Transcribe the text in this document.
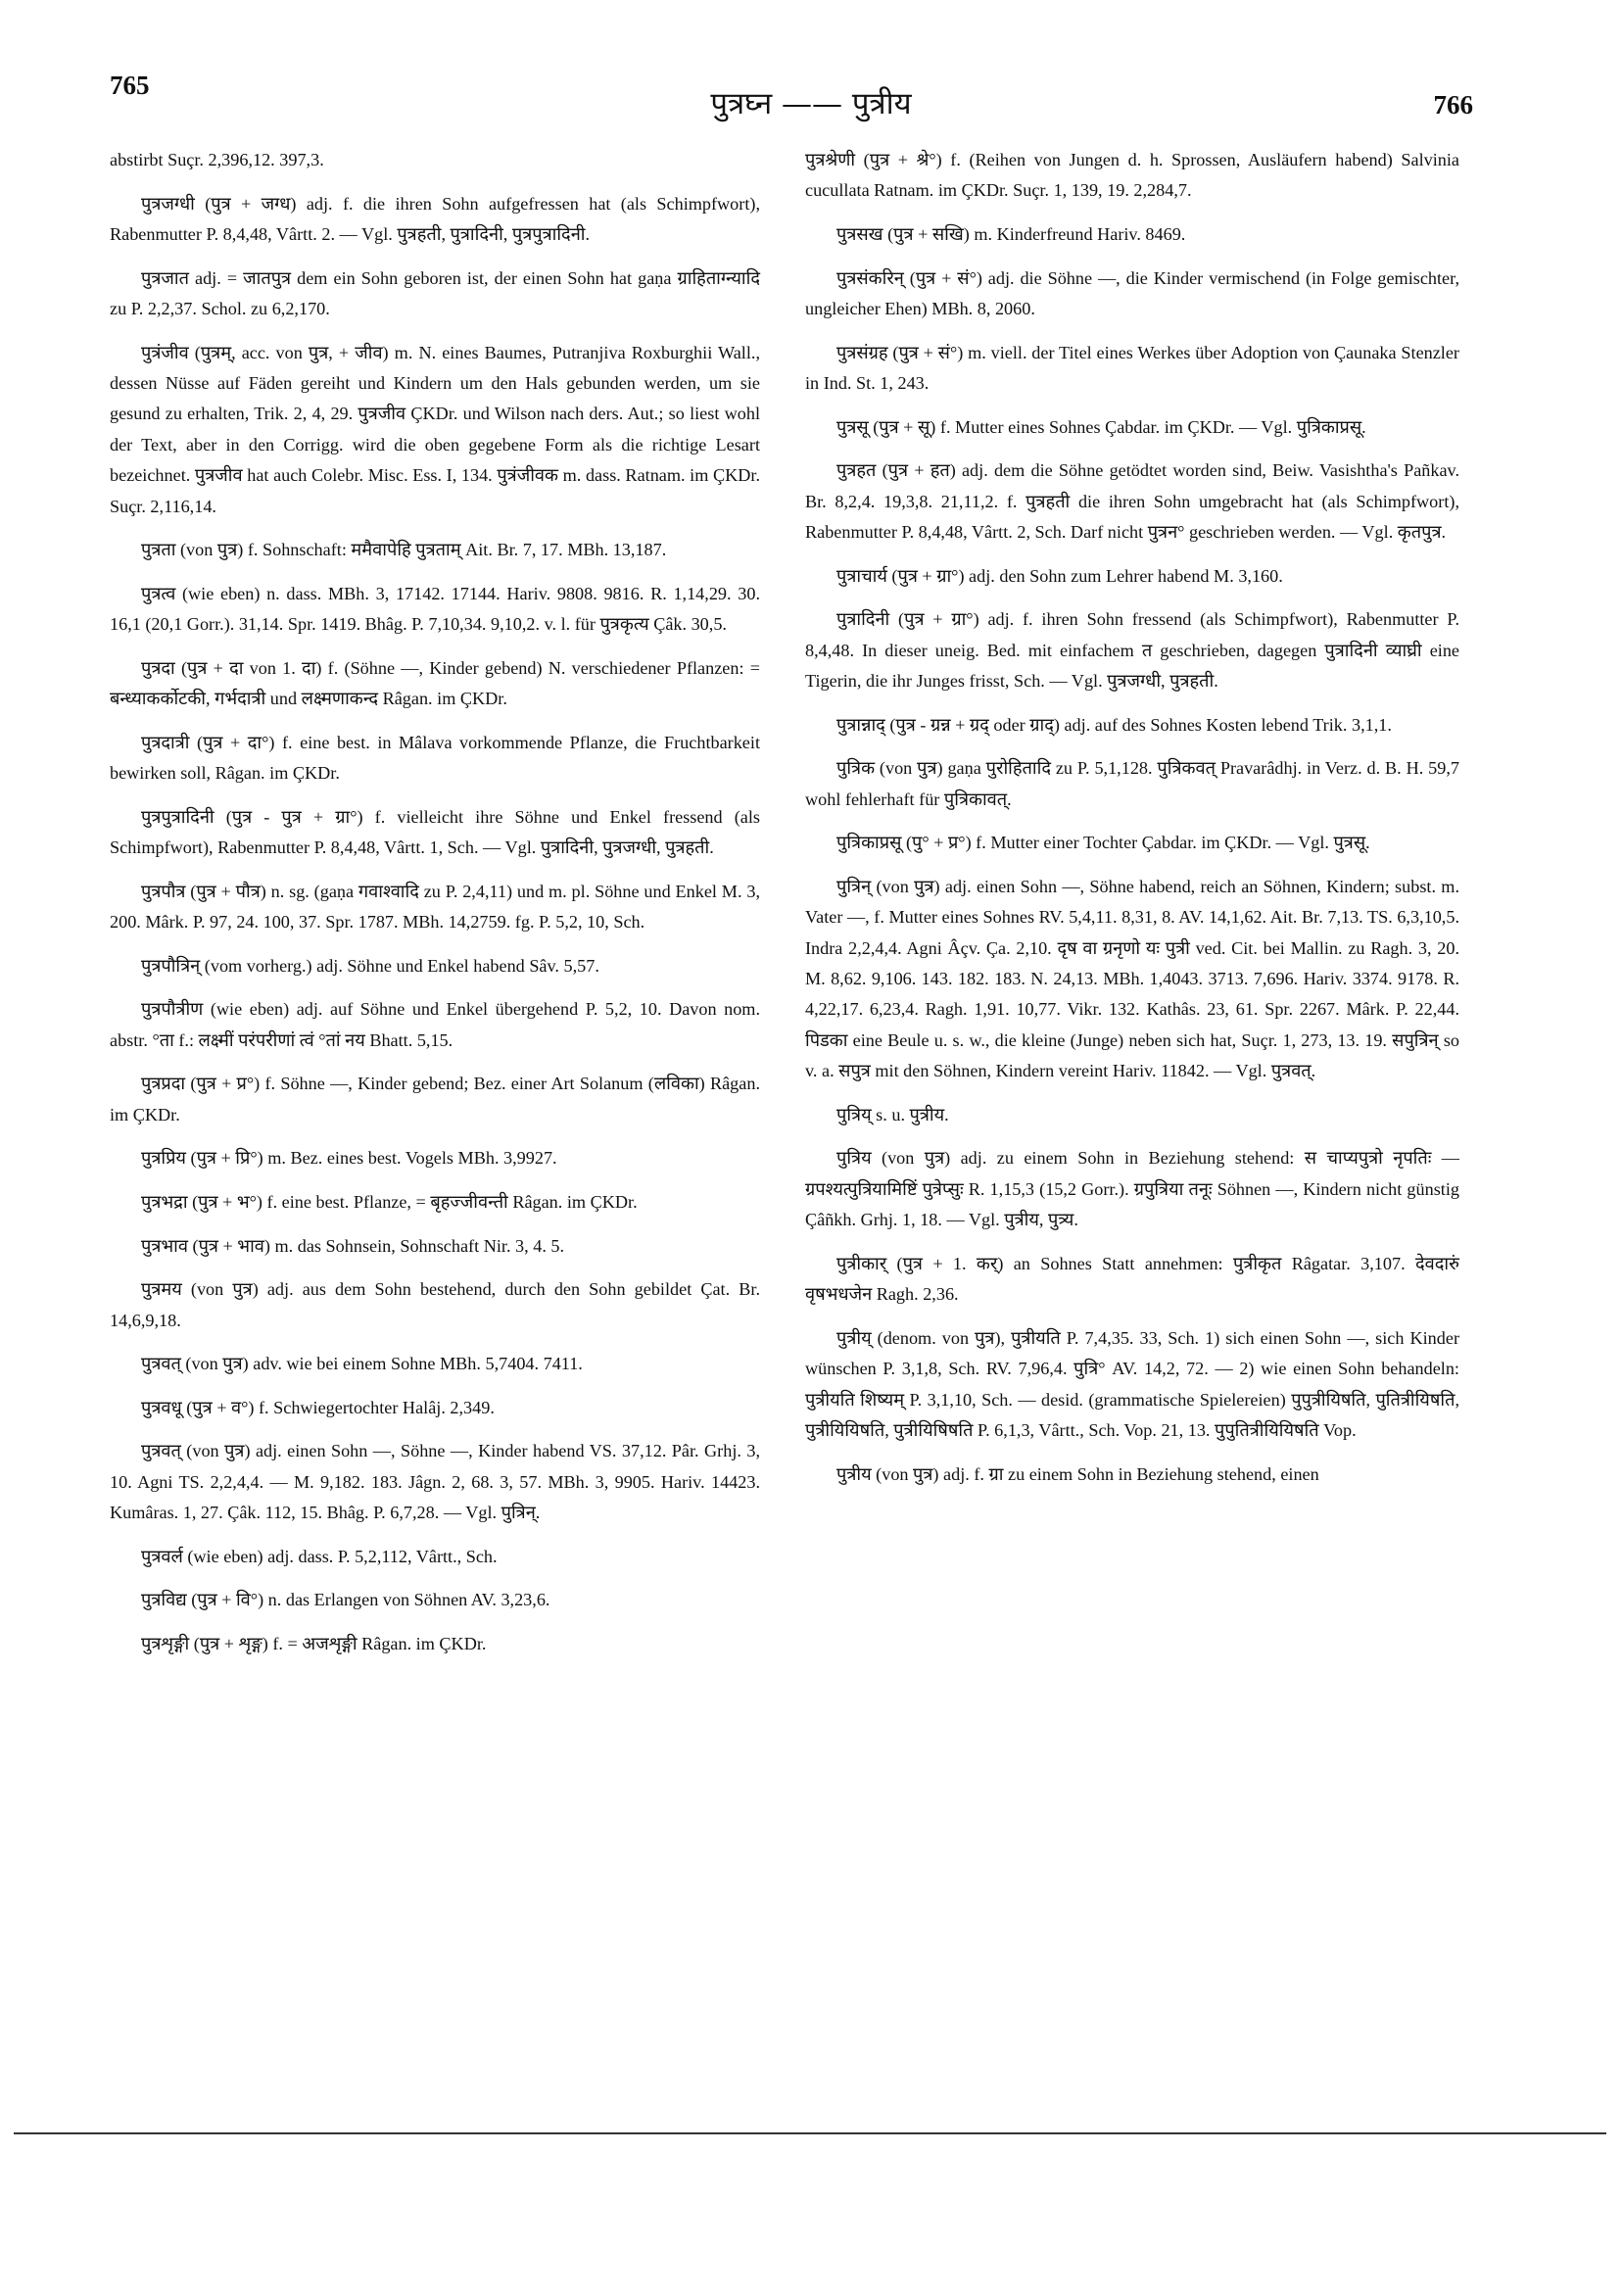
765
पुत्रघ्न —— पुत्रीय	766

abstirbt Suçr. 2,396,12. 397,3.

पुत्रजग्धी (पुत्र + जग्ध) adj. f. die ihren Sohn aufgefressen hat (als Schimpfwort), Rabenmutter P. 8,4,48, Vârtt. 2. — Vgl. पुत्रहती, पुत्रादिनी, पुत्रपुत्रादिनी.

पुत्रजात adj. = जातपुत्र dem ein Sohn geboren ist, der einen Sohn hat gaṇa ग्राहिताग्न्यादि zu P. 2,2,37. Schol. zu 6,2,170.

पुत्रंजीव (पुत्रम्, acc. von पुत्र, + जीव) m. N. eines Baumes, Putranjiva Roxburghii Wall., dessen Nüsse auf Fäden gereiht und Kindern um den Hals gebunden werden, um sie gesund zu erhalten, Trik. 2, 4, 29. पुत्रजीव ÇKDr. und Wilson nach ders. Aut.; so liest wohl der Text, aber in den Corrigg. wird die oben gegebene Form als die richtige Lesart bezeichnet. पुत्रजीव hat auch Colebr. Misc. Ess. I, 134. पुत्रंजीवक m. dass. Ratnam. im ÇKDr. Suçr. 2,116,14.

पुत्रता (von पुत्र) f. Sohnschaft: ममैवापेहि पुत्रताम् Ait. Br. 7, 17. MBh. 13,187.

पुत्रत्व (wie eben) n. dass. MBh. 3, 17142. 17144. Hariv. 9808. 9816. R. 1,14,29. 30. 16,1 (20,1 Gorr.). 31,14. Spr. 1419. Bhâg. P. 7,10,34. 9,10,2. v. l. für पुत्रकृत्य Çâk. 30,5.

पुत्रदा (पुत्र + दा von 1. दा) f. (Söhne —, Kinder gebend) N. verschiedener Pflanzen: = बन्ध्याकर्कोटकी, गर्भदात्री und लक्ष्मणाकन्द Râgan. im ÇKDr.

पुत्रदात्री (पुत्र + दा°) f. eine best. in Mâlava vorkommende Pflanze, die Fruchtbarkeit bewirken soll, Râgan. im ÇKDr.

पुत्रपुत्रादिनी (पुत्र - पुत्र + ग्रा°) f. vielleicht ihre Söhne und Enkel fressend (als Schimpfwort), Rabenmutter P. 8,4,48, Vârtt. 1, Sch. — Vgl. पुत्रादिनी, पुत्रजग्धी, पुत्रहती.

पुत्रपौत्र (पुत्र + पौत्र) n. sg. (gaṇa गवाश्वादि zu P. 2,4,11) und m. pl. Söhne und Enkel M. 3, 200. Mârk. P. 97, 24. 100, 37. Spr. 1787. MBh. 14,2759. fg. P. 5,2, 10, Sch.

पुत्रपौत्रिन् (vom vorherg.) adj. Söhne und Enkel habend Sâv. 5,57.

पुत्रपौत्रीण (wie eben) adj. auf Söhne und Enkel übergehend P. 5,2, 10. Davon nom. abstr. °ता f.: लक्ष्मीं परंपरीणां त्वं °तां नय Bhatt. 5,15.

पुत्रप्रदा (पुत्र + प्र°) f. Söhne —, Kinder gebend; Bez. einer Art Solanum (लविका) Râgan. im ÇKDr.

पुत्रप्रिय (पुत्र + प्रि°) m. Bez. eines best. Vogels MBh. 3,9927.

पुत्रभद्रा (पुत्र + भ°) f. eine best. Pflanze, = बृहज्जीवन्ती Râgan. im ÇKDr.

पुत्रभाव (पुत्र + भाव) m. das Sohnsein, Sohnschaft Nir. 3, 4. 5.

पुत्रमय (von पुत्र) adj. aus dem Sohn bestehend, durch den Sohn gebildet Çat. Br. 14,6,9,18.

पुत्रवत् (von पुत्र) adv. wie bei einem Sohne MBh. 5,7404. 7411.

पुत्रवधू (पुत्र + व°) f. Schwiegertochter Halâj. 2,349.

पुत्रवत् (von पुत्र) adj. einen Sohn —, Söhne —, Kinder habend VS. 37,12. Pâr. Grhj. 3, 10. Agni TS. 2,2,4,4. — M. 9,182. 183. Jâgn. 2, 68. 3, 57. MBh. 3, 9905. Hariv. 14423. Kumâras. 1, 27. Çâk. 112, 15. Bhâg. P. 6,7,28. — Vgl. पुत्रिन्.

पुत्रवर्ल (wie eben) adj. dass. P. 5,2,112, Vârtt., Sch.

पुत्रविद्य (पुत्र + वि°) n. das Erlangen von Söhnen AV. 3,23,6.

पुत्रशृङ्गी (पुत्र + शृङ्ग) f. = अजशृङ्गी Râgan. im ÇKDr.

पुत्रश्रेणी (पुत्र + श्रे°) f. (Reihen von Jungen d. h. Sprossen, Ausläufern habend) Salvinia cucullata Ratnam. im ÇKDr. Suçr. 1, 139, 19. 2,284,7.

पुत्रसख (पुत्र + सखि) m. Kinderfreund Hariv. 8469.

पुत्रसंकरिन् (पुत्र + सं°) adj. die Söhne —, die Kinder vermischend (in Folge gemischter, ungleicher Ehen) MBh. 8, 2060.

पुत्रसंग्रह (पुत्र + सं°) m. viell. der Titel eines Werkes über Adoption von Çaunaka Stenzler in Ind. St. 1, 243.

पुत्रसू (पुत्र + सू) f. Mutter eines Sohnes Çabdar. im ÇKDr. — Vgl. पुत्रिकाप्रसू.

पुत्रहत (पुत्र + हत) adj. dem die Söhne getödtet worden sind, Beiw. Vasishtha's Pañkav. Br. 8,2,4. 19,3,8. 21,11,2. f. पुत्रहती die ihren Sohn umgebracht hat (als Schimpfwort), Rabenmutter P. 8,4,48, Vârtt. 2, Sch. Darf nicht पुत्रन° geschrieben werden. — Vgl. कृतपुत्र.

पुत्राचार्य (पुत्र + ग्रा°) adj. den Sohn zum Lehrer habend M. 3,160.

पुत्रादिनी (पुत्र + ग्रा°) adj. f. ihren Sohn fressend (als Schimpfwort), Rabenmutter P. 8,4,48. In dieser uneig. Bed. mit einfachem त geschrieben, dagegen पुत्रादिनी व्याघ्री eine Tigerin, die ihr Junges frisst, Sch. — Vgl. पुत्रजग्धी, पुत्रहती.

पुत्रान्नाद् (पुत्र - ग्रन्न + ग्रद् oder ग्राद्) adj. auf des Sohnes Kosten lebend Trik. 3,1,1.

पुत्रिक (von पुत्र) gaṇa पुरोहितादि zu P. 5,1,128. पुत्रिकवत् Pravarâdhj. in Verz. d. B. H. 59,7 wohl fehlerhaft für पुत्रिकावत्.

पुत्रिकाप्रसू (पु° + प्र°) f. Mutter einer Tochter Çabdar. im ÇKDr. — Vgl. पुत्रसू.

पुत्रिन् (von पुत्र) adj. einen Sohn —, Söhne habend, reich an Söhnen, Kindern; subst. m. Vater —, f. Mutter eines Sohnes RV. 5,4,11. 8,31, 8. AV. 14,1,62. Ait. Br. 7,13. TS. 6,3,10,5. Indra 2,2,4,4. Agni Âçv. Ça. 2,10. दृष वा ग्रनृणो यः पुत्री ved. Cit. bei Mallin. zu Ragh. 3, 20. M. 8,62. 9,106. 143. 182. 183. N. 24,13. MBh. 1,4043. 3713. 7,696. Hariv. 3374. 9178. R. 4,22,17. 6,23,4. Ragh. 1,91. 10,77. Vikr. 132. Kathâs. 23, 61. Spr. 2267. Mârk. P. 22,44. पिडका eine Beule u. s. w., die kleine (Junge) neben sich hat, Suçr. 1, 273, 13. 19. सपुत्रिन् so v. a. सपुत्र mit den Söhnen, Kindern vereint Hariv. 11842. — Vgl. पुत्रवत्.

पुत्रिय् s. u. पुत्रीय.

पुत्रिय (von पुत्र) adj. zu einem Sohn in Beziehung stehend: स चाप्यपुत्रो नृपतिः — ग्रपश्यत्पुत्रियामिष्टिं पुत्रेप्सुः R. 1,15,3 (15,2 Gorr.). ग्रपुत्रिया तनूः Söhnen —, Kindern nicht günstig Çâñkh. Grhj. 1, 18. — Vgl. पुत्रीय, पुत्र्य.

पुत्रीकार् (पुत्र + 1. कर्) an Sohnes Statt annehmen: पुत्रीकृत Râgatar. 3,107. देवदारुं वृषभधजेन Ragh. 2,36.

पुत्रीय् (denom. von पुत्र), पुत्रीयति P. 7,4,35. 33, Sch. 1) sich einen Sohn —, sich Kinder wünschen P. 3,1,8, Sch. RV. 7,96,4. पुत्रि° AV. 14,2, 72. — 2) wie einen Sohn behandeln: पुत्रीयति शिष्यम् P. 3,1,10, Sch. — desid. (grammatische Spielereien) पुपुत्रीयिषति, पुतित्रीयिषति, पुत्रीयियिषति, पुत्रीयिषिषति P. 6,1,3, Vârtt., Sch. Vop. 21, 13. पुपुतित्रीयियिषति Vop.

पुत्रीय (von पुत्र) adj. f. ग्रा zu einem Sohn in Beziehung stehend, einen
